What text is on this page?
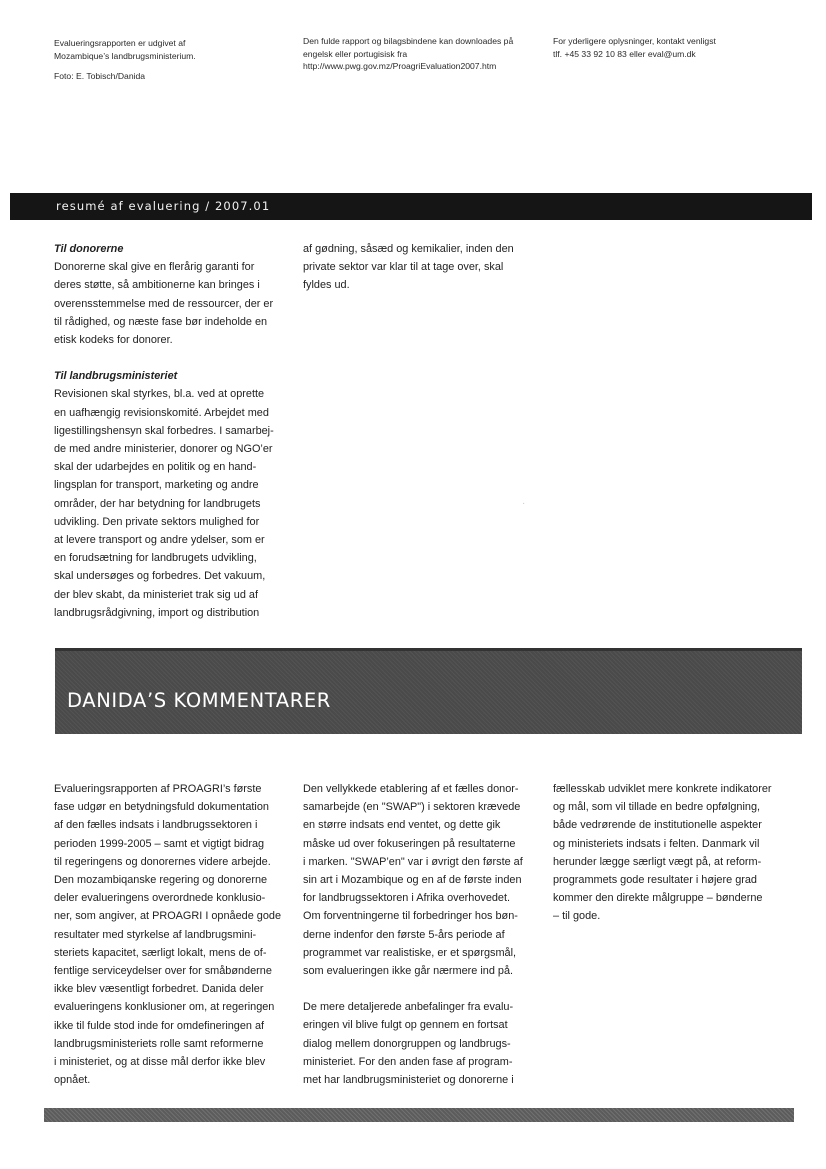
Evalueringsrapporten er udgivet af
Mozambique’s landbrugsministerium.
Foto: E. Tobisch/Danida
Den fulde rapport og bilagsbindene kan downloades på
engelsk eller portugisisk fra
http://www.pwg.gov.mz/ProagriEvaluation2007.htm
For yderligere oplysninger, kontakt venligst
tlf. +45 33 92 10 83 eller eval@um.dk
resumé af evaluering / 2007.01

Til donorerne

Donorerne skal give en flerårig garanti for

deres støtte, så ambitionerne kan bringes i

overensstemmelse med de ressourcer, der er

til rådighed, og næste fase bør indeholde en

etisk kodeks for donorer.

Til landbrugsministeriet

Revisionen skal styrkes, bl.a. ved at oprette

en uafhængig revisionskomité. Arbejdet med

ligestillingshensyn skal forbedres. I samarbej-

de med andre ministerier, donorer og NGO’er

skal der udarbejdes en politik og en hand-

lingsplan for transport, marketing og andre

områder, der har betydning for landbrugets

udvikling. Den private sektors mulighed for

at levere transport og andre ydelser, som er

en forudsætning for landbrugets udvikling,

skal undersøges og forbedres. Det vakuum,

der blev skabt, da ministeriet trak sig ud af

landbrugsrådgivning, import og distribution

af gødning, såsæd og kemikalier, inden den

private sektor var klar til at tage over, skal

fyldes ud.

·
DANIDA’S KOMMENTARER

Evalueringsrapporten af PROAGRI’s første

fase udgør en betydningsfuld dokumentation

af den fælles indsats i landbrugssektoren i

perioden 1999-2005 – samt et vigtigt bidrag

til regeringens og donorernes videre arbejde.

Den mozambiqanske regering og donorerne

deler evalueringens overordnede konklusio-

ner, som angiver, at PROAGRI I opnåede gode

resultater med styrkelse af landbrugsmini-

steriets kapacitet, særligt lokalt, mens de of-

fentlige serviceydelser over for småbønderne

ikke blev væsentligt forbedret. Danida deler

evalueringens konklusioner om, at regeringen

ikke til fulde stod inde for omdefineringen af

landbrugsministeriets rolle samt reformerne

i ministeriet, og at disse mål derfor ikke blev

opnået.

Den vellykkede etablering af et fælles donor-

samarbejde (en "SWAP") i sektoren krævede

en større indsats end ventet, og dette gik

måske ud over fokuseringen på resultaterne

i marken. "SWAP’en" var i øvrigt den første af

sin art i Mozambique og en af de første inden

for landbrugssektoren i Afrika overhovedet.

Om forventningerne til forbedringer hos bøn-

derne indenfor den første 5-års periode af

programmet var realistiske, er et spørgsmål,

som evalueringen ikke går nærmere ind på.

De mere detaljerede anbefalinger fra evalu-

eringen vil blive fulgt op gennem en fortsat

dialog mellem donorgruppen og landbrugs-

ministeriet. For den anden fase af program-

met har landbrugsministeriet og donorerne i

fællesskab udviklet mere konkrete indikatorer

og mål, som vil tillade en bedre opfølgning,

både vedrørende de institutionelle aspekter

og ministeriets indsats i felten. Danmark vil

herunder lægge særligt vægt på, at reform-

programmets gode resultater i højere grad

kommer den direkte målgruppe – bønderne

– til gode.
